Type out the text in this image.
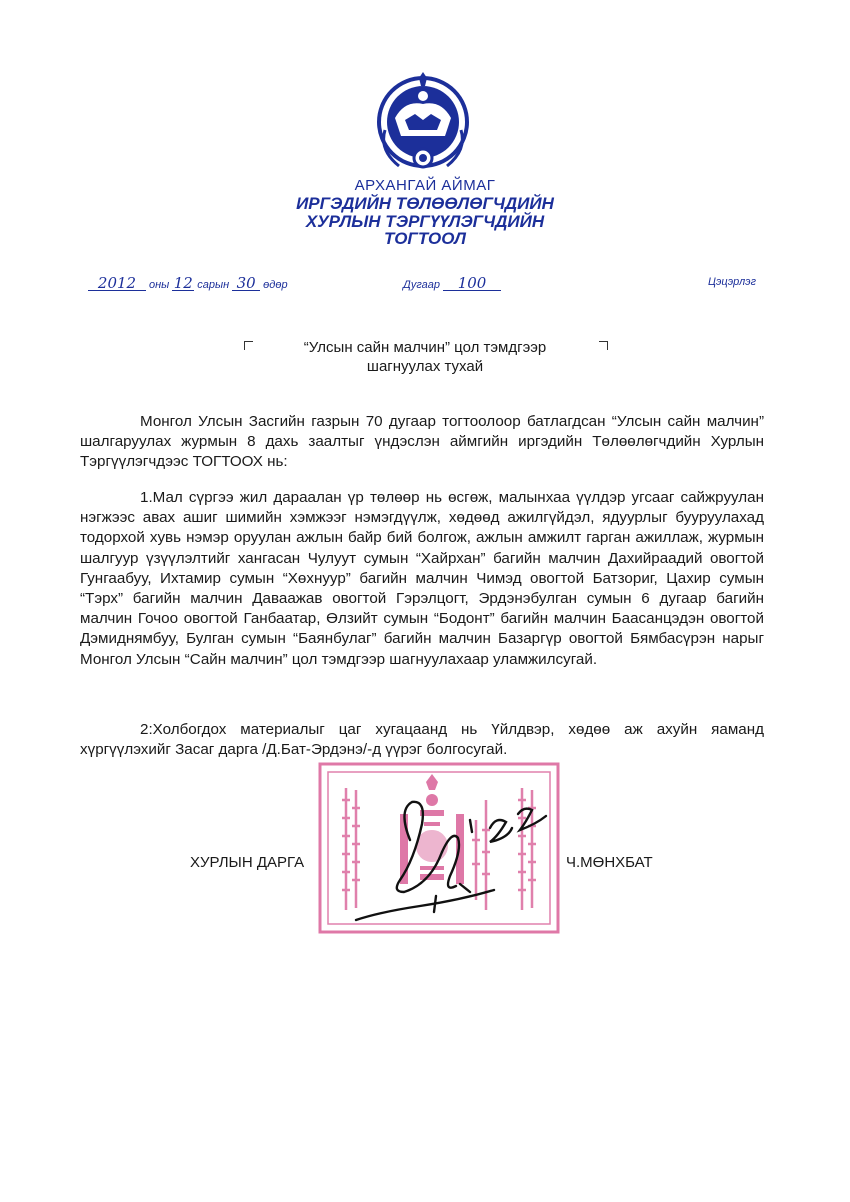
АРХАНГАЙ АЙМАГ
ИРГЭДИЙН ТӨЛӨӨЛӨГЧДИЙН
ХУРЛЫН ТЭРГҮҮЛЭГЧДИЙН
ТОГТООЛ
2012 оны 12 сарын 30 өдөр	Дугаар 100	Цэцэрлэг
“Улсын сайн малчин” цол тэмдгээр
шагнуулах тухай

Монгол Улсын Засгийн газрын 70 дугаар тогтоолоор батлагдсан “Улсын сайн малчин” шалгаруулах журмын 8 дахь заалтыг үндэслэн аймгийн иргэдийн Төлөөлөгчдийн Хурлын Тэргүүлэгчдээс ТОГТООХ нь:

1.Мал сүргээ жил дараалан үр төлөөр нь өсгөж, малынхаа үүлдэр угсааг сайжруулан нэгжээс авах ашиг шимийн хэмжээг нэмэгдүүлж, хөдөөд ажилгүйдэл, ядуурлыг бууруулахад тодорхой хувь нэмэр оруулан ажлын байр бий болгож, ажлын амжилт гарган ажиллаж, журмын шалгуур үзүүлэлтийг хангасан Чулуут сумын “Хайрхан” багийн малчин Дахийраадий овогтой Гунгаабуу, Ихтамир сумын “Хөхнуур” багийн малчин Чимэд овогтой Батзориг, Цахир сумын “Тэрх” багийн малчин Даваажав овогтой Гэрэлцогт, Эрдэнэбулган сумын 6 дугаар багийн малчин Гочоо овогтой Ганбаатар, Өлзийт сумын “Бодонт” багийн малчин Баасанцэдэн овогтой Дэмиднямбуу, Булган сумын “Баянбулаг” багийн малчин Базаргүр овогтой Бямбасүрэн нарыг Монгол Улсын “Сайн малчин” цол тэмдгээр шагнуулахаар уламжилсугай.

2:Холбогдох материалыг цаг хугацаанд нь Үйлдвэр, хөдөө аж ахуйн яаманд хүргүүлэхийг Засаг дарга /Д.Бат-Эрдэнэ/-д үүрэг болгосугай.

ХУРЛЫН ДАРГА	Ч.МӨНХБАТ
